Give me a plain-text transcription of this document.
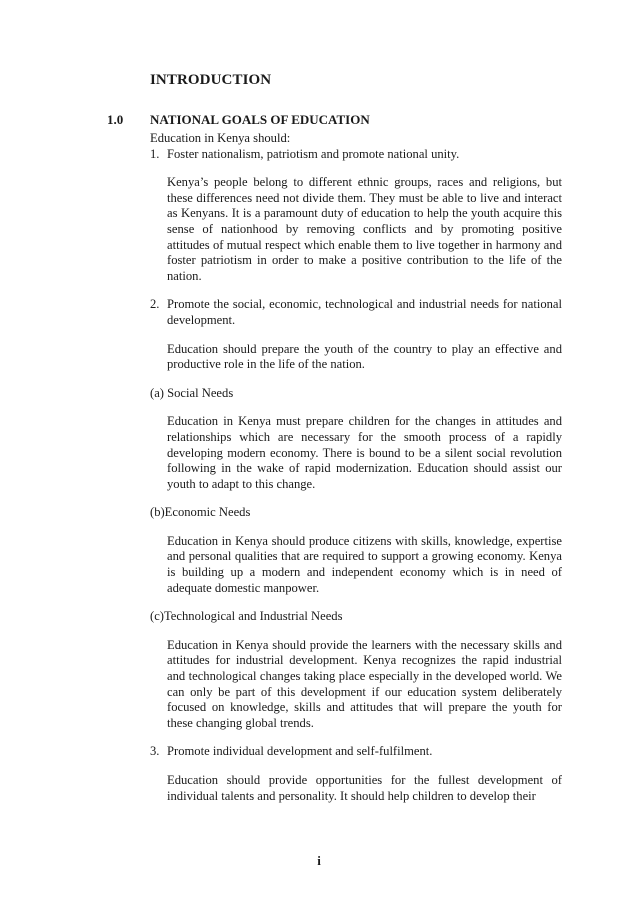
INTRODUCTION
1.0 NATIONAL GOALS OF EDUCATION

Education in Kenya should:

1. Foster nationalism, patriotism and promote national unity.

Kenya’s people belong to different ethnic groups, races and religions, but these differences need not divide them. They must be able to live and interact as Kenyans. It is a paramount duty of education to help the youth acquire this sense of nationhood by removing conflicts and by promoting positive attitudes of mutual respect which enable them to live together in harmony and foster patriotism in order to make a positive contribution to the life of the nation.

2. Promote the social, economic, technological and industrial needs for national development.

Education should prepare the youth of the country to play an effective and productive role in the life of the nation.

(a) Social Needs

Education in Kenya must prepare children for the changes in attitudes and relationships which are necessary for the smooth process of a rapidly developing modern economy. There is bound to be a silent social revolution following in the wake of rapid modernization. Education should assist our youth to adapt to this change.

(b)Economic Needs

Education in Kenya should produce citizens with skills, knowledge, expertise and personal qualities that are required to support a growing economy. Kenya is building up a modern and independent economy which is in need of adequate domestic manpower.

(c)Technological and Industrial Needs

Education in Kenya should provide the learners with the necessary skills and attitudes for industrial development. Kenya recognizes the rapid industrial and technological changes taking place especially in the developed world. We can only be part of this development if our education system deliberately focused on knowledge, skills and attitudes that will prepare the youth for these changing global trends.

3. Promote individual development and self-fulfilment.

Education should provide opportunities for the fullest development of individual talents and personality. It should help children to develop their

i
